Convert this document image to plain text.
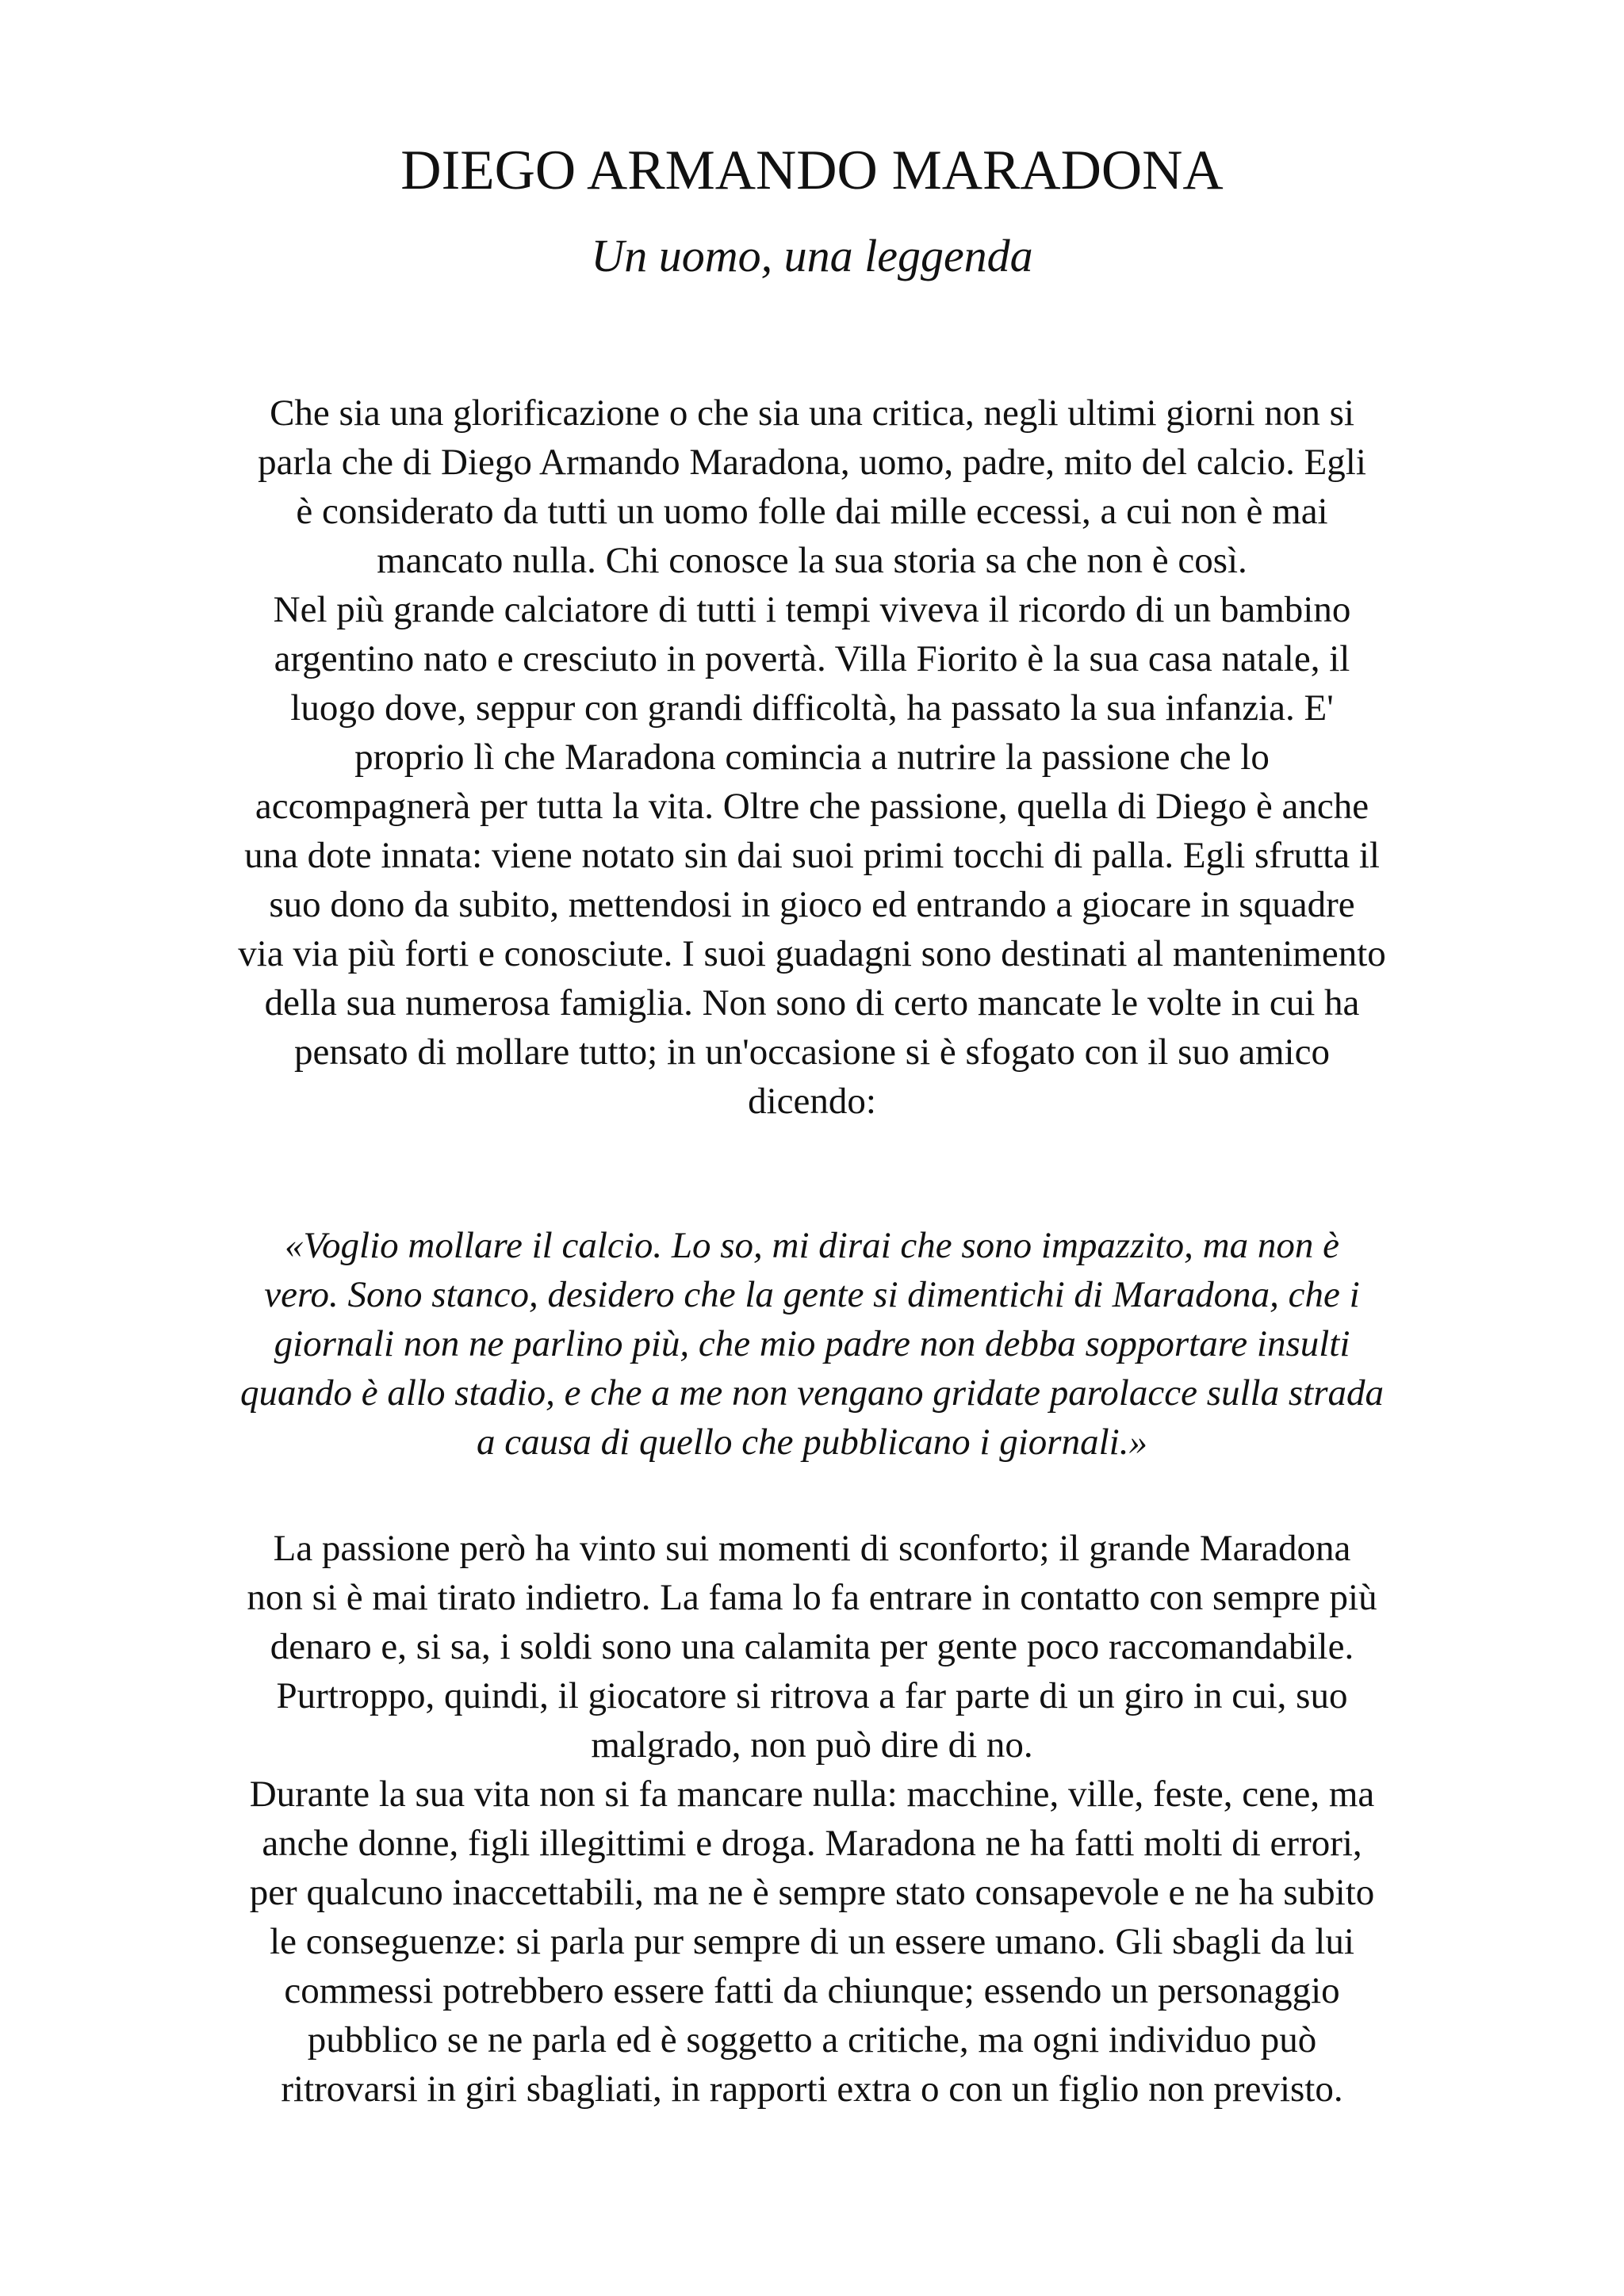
DIEGO ARMANDO MARADONA
Un uomo, una leggenda

Che sia una glorificazione o che sia una critica, negli ultimi giorni non si
parla che di Diego Armando Maradona, uomo, padre, mito del calcio. Egli
è considerato da tutti un uomo folle dai mille eccessi, a cui non è mai
mancato nulla. Chi conosce la sua storia sa che non è così.
Nel più grande calciatore di tutti i tempi viveva il ricordo di un bambino
argentino nato e cresciuto in povertà. Villa Fiorito è la sua casa natale, il
luogo dove, seppur con grandi difficoltà, ha passato la sua infanzia. E'
proprio lì che Maradona comincia a nutrire la passione che lo
accompagnerà per tutta la vita. Oltre che passione, quella di Diego è anche
una dote innata: viene notato sin dai suoi primi tocchi di palla. Egli sfrutta il
suo dono da subito, mettendosi in gioco ed entrando a giocare in squadre
via via più forti e conosciute. I suoi guadagni sono destinati al mantenimento
della sua numerosa famiglia. Non sono di certo mancate le volte in cui ha
pensato di mollare tutto; in un'occasione si è sfogato con il suo amico
dicendo:

«Voglio mollare il calcio. Lo so, mi dirai che sono impazzito, ma non è
vero. Sono stanco, desidero che la gente si dimentichi di Maradona, che i
giornali non ne parlino più, che mio padre non debba sopportare insulti
quando è allo stadio, e che a me non vengano gridate parolacce sulla strada
a causa di quello che pubblicano i giornali.»

La passione però ha vinto sui momenti di sconforto; il grande Maradona
non si è mai tirato indietro. La fama lo fa entrare in contatto con sempre più
denaro e, si sa, i soldi sono una calamita per gente poco raccomandabile.
Purtroppo, quindi, il giocatore si ritrova a far parte di un giro in cui, suo
malgrado, non può dire di no.
Durante la sua vita non si fa mancare nulla: macchine, ville, feste, cene, ma
anche donne, figli illegittimi e droga. Maradona ne ha fatti molti di errori,
per qualcuno inaccettabili, ma ne è sempre stato consapevole e ne ha subito
le conseguenze: si parla pur sempre di un essere umano. Gli sbagli da lui
commessi potrebbero essere fatti da chiunque; essendo un personaggio
pubblico se ne parla ed è soggetto a critiche, ma ogni individuo può
ritrovarsi in giri sbagliati, in rapporti extra o con un figlio non previsto.
